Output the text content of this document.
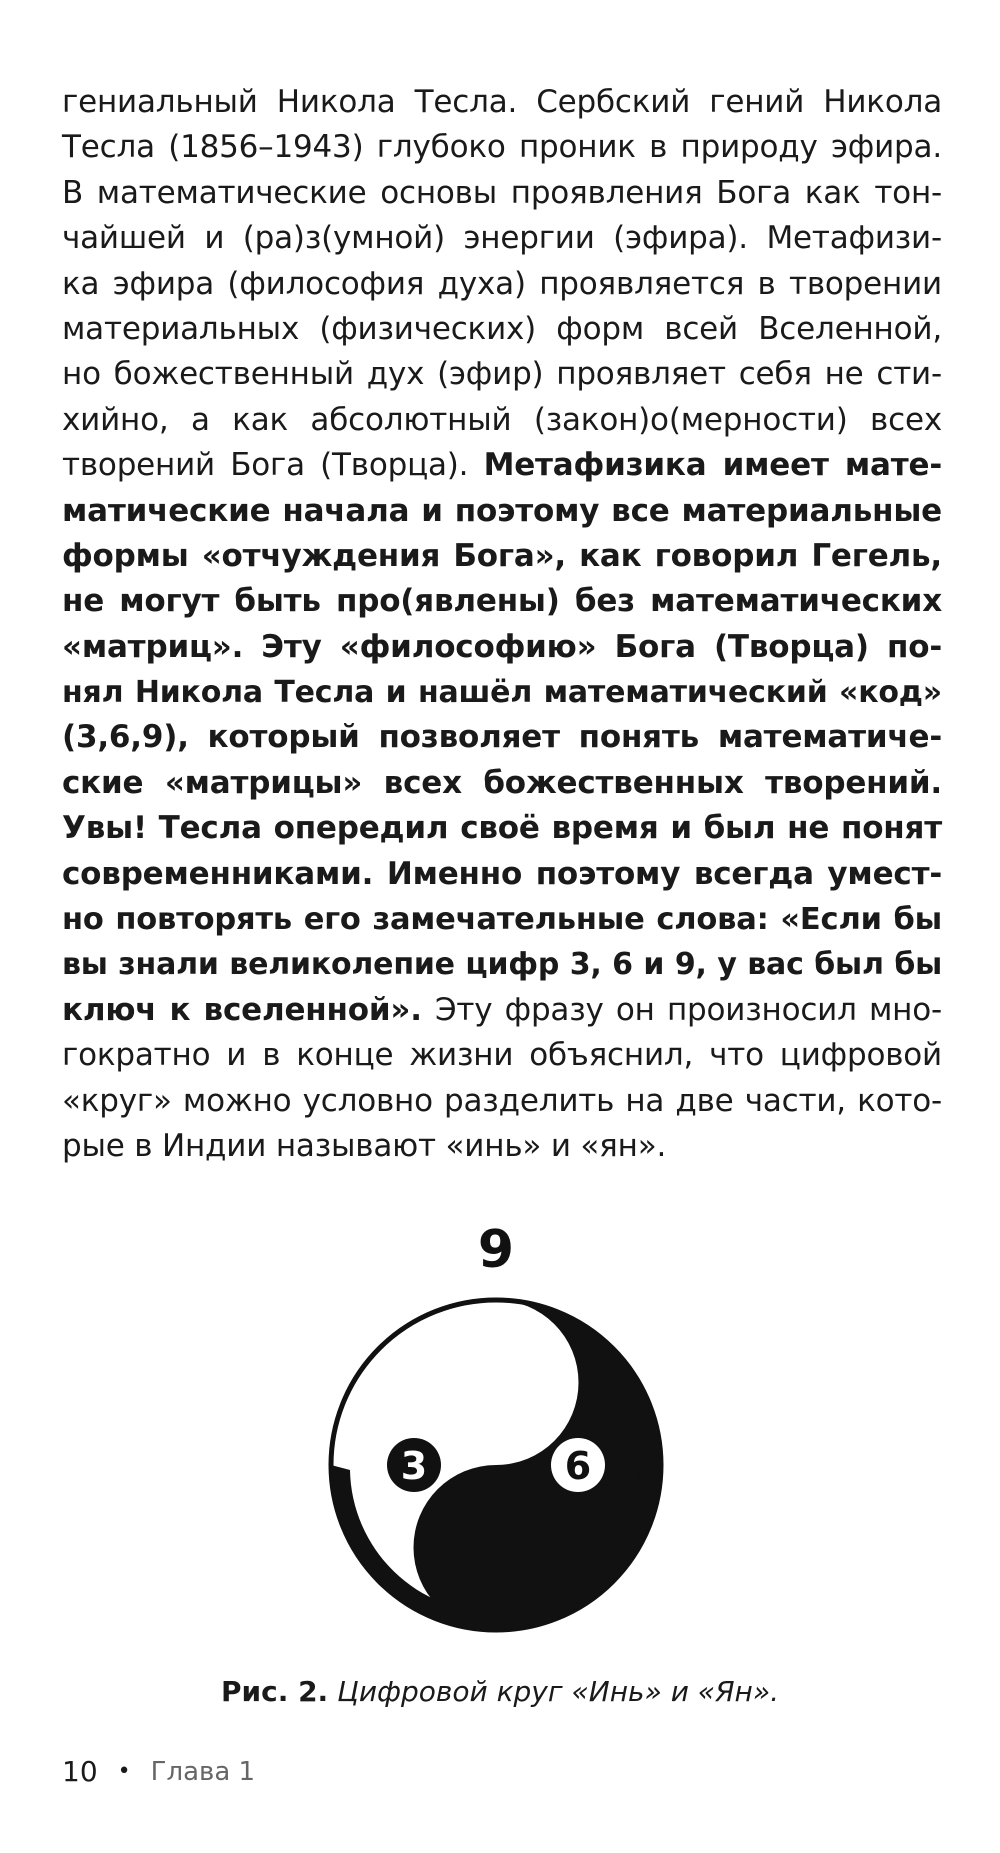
гениальный Никола Тесла. Сербский гений Никола
Тесла (1856–1943) глубоко проник в природу эфира.
В математические основы проявления Бога как тон-
чайшей и (ра)з(умной) энергии (эфира). Метафизи-
ка эфира (философия духа) проявляется в творении
материальных (физических) форм всей Вселенной,
но божественный дух (эфир) проявляет себя не сти-
хийно, а как абсолютный (закон)о(мерности) всех
творений Бога (Творца). Метафизика имеет мате-
матические начала и поэтому все материальные
формы «отчуждения Бога», как говорил Гегель,
не могут быть про(явлены) без математических
«матриц». Эту «философию» Бога (Творца) по-
нял Никола Тесла и нашёл математический «код»
(3,6,9), который позволяет понять математиче-
ские «матрицы» всех божественных творений.
Увы! Тесла опередил своё время и был не понят
современниками. Именно поэтому всегда умест-
но повторять его замечательные слова: «Если бы
вы знали великолепие цифр 3, 6 и 9, у вас был бы
ключ к вселенной». Эту фразу он произносил мно-
гократно и в конце жизни объяснил, что цифровой
«круг» можно условно разделить на две части, кото-
рые в Индии называют «инь» и «ян».
9
3	6
Рис. 2. Цифровой круг «Инь» и «Ян».
10 • Глава 1
